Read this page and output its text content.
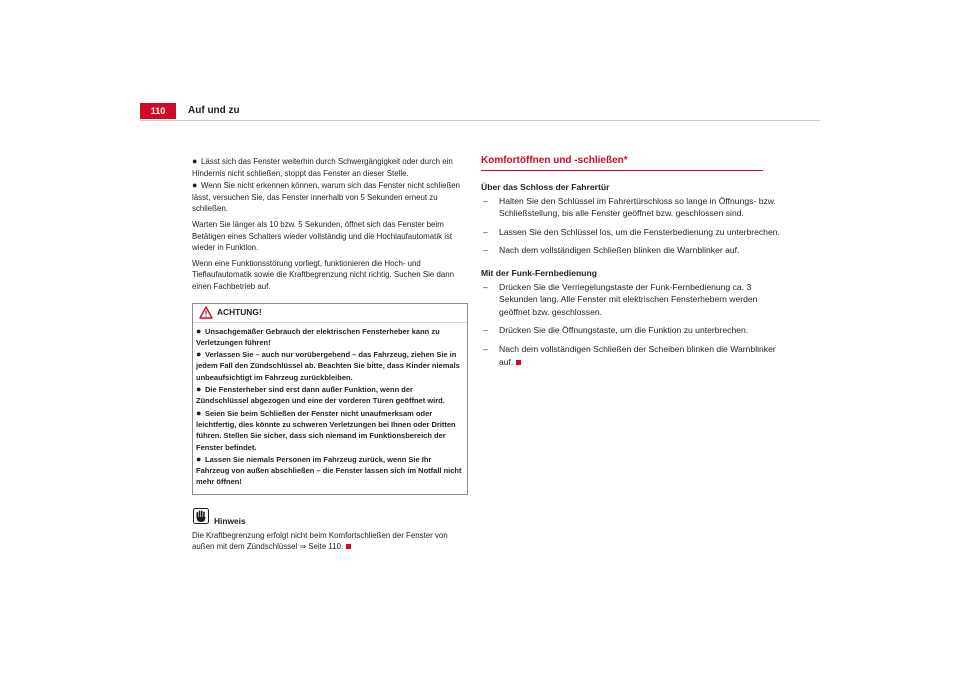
110	Auf und zu
● Lässt sich das Fenster weiterhin durch Schwergängigkeit oder durch ein Hindernis nicht schließen, stoppt das Fenster an dieser Stelle.
● Wenn Sie nicht erkennen können, warum sich das Fenster nicht schließen lässt, versuchen Sie, das Fenster innerhalb von 5 Sekunden erneut zu schließen.

Warten Sie länger als 10 bzw. 5 Sekunden, öffnet sich das Fenster beim Betätigen eines Schalters wieder vollständig und die Hochlaufautomatik ist wieder in Funktion.

Wenn eine Funktionsstörung vorliegt, funktionieren die Hoch- und Tieflaufautomatik sowie die Kraftbegrenzung nicht richtig. Suchen Sie dann einen Fachbetrieb auf.

ACHTUNG!
● Unsachgemäßer Gebrauch der elektrischen Fensterheber kann zu Verletzungen führen!
● Verlassen Sie – auch nur vorübergehend – das Fahrzeug, ziehen Sie in jedem Fall den Zündschlüssel ab. Beachten Sie bitte, dass Kinder niemals unbeaufsichtigt im Fahrzeug zurückbleiben.
● Die Fensterheber sind erst dann außer Funktion, wenn der Zündschlüssel abgezogen und eine der vorderen Türen geöffnet wird.
● Seien Sie beim Schließen der Fenster nicht unaufmerksam oder leichtfertig, dies könnte zu schweren Verletzungen bei Ihnen oder Dritten führen. Stellen Sie sicher, dass sich niemand im Funktionsbereich der Fenster befindet.
● Lassen Sie niemals Personen im Fahrzeug zurück, wenn Sie Ihr Fahrzeug von außen abschließen – die Fenster lassen sich im Notfall nicht mehr öffnen!
Hinweis

Die Kraftbegrenzung erfolgt nicht beim Komfortschließen der Fenster von außen mit dem Zündschlüssel ⇒ Seite 110.

Komfortöffnen und -schließen*
Über das Schloss der Fahrertür
– Halten Sie den Schlüssel im Fahrertürschloss so lange in Öffnungs- bzw. Schließstellung, bis alle Fenster geöffnet bzw. geschlossen sind.
– Lassen Sie den Schlüssel los, um die Fensterbedienung zu unterbrechen.
– Nach dem vollständigen Schließen blinken die Warnblinker auf.
Mit der Funk-Fernbedienung
– Drücken Sie die Verriegelungstaste der Funk-Fernbedienung ca. 3 Sekunden lang. Alle Fenster mit elektrischen Fensterhebern werden geöffnet bzw. geschlossen.
– Drücken Sie die Öffnungstaste, um die Funktion zu unterbrechen.
– Nach dem vollständigen Schließen der Scheiben blinken die Warnblinker auf.
